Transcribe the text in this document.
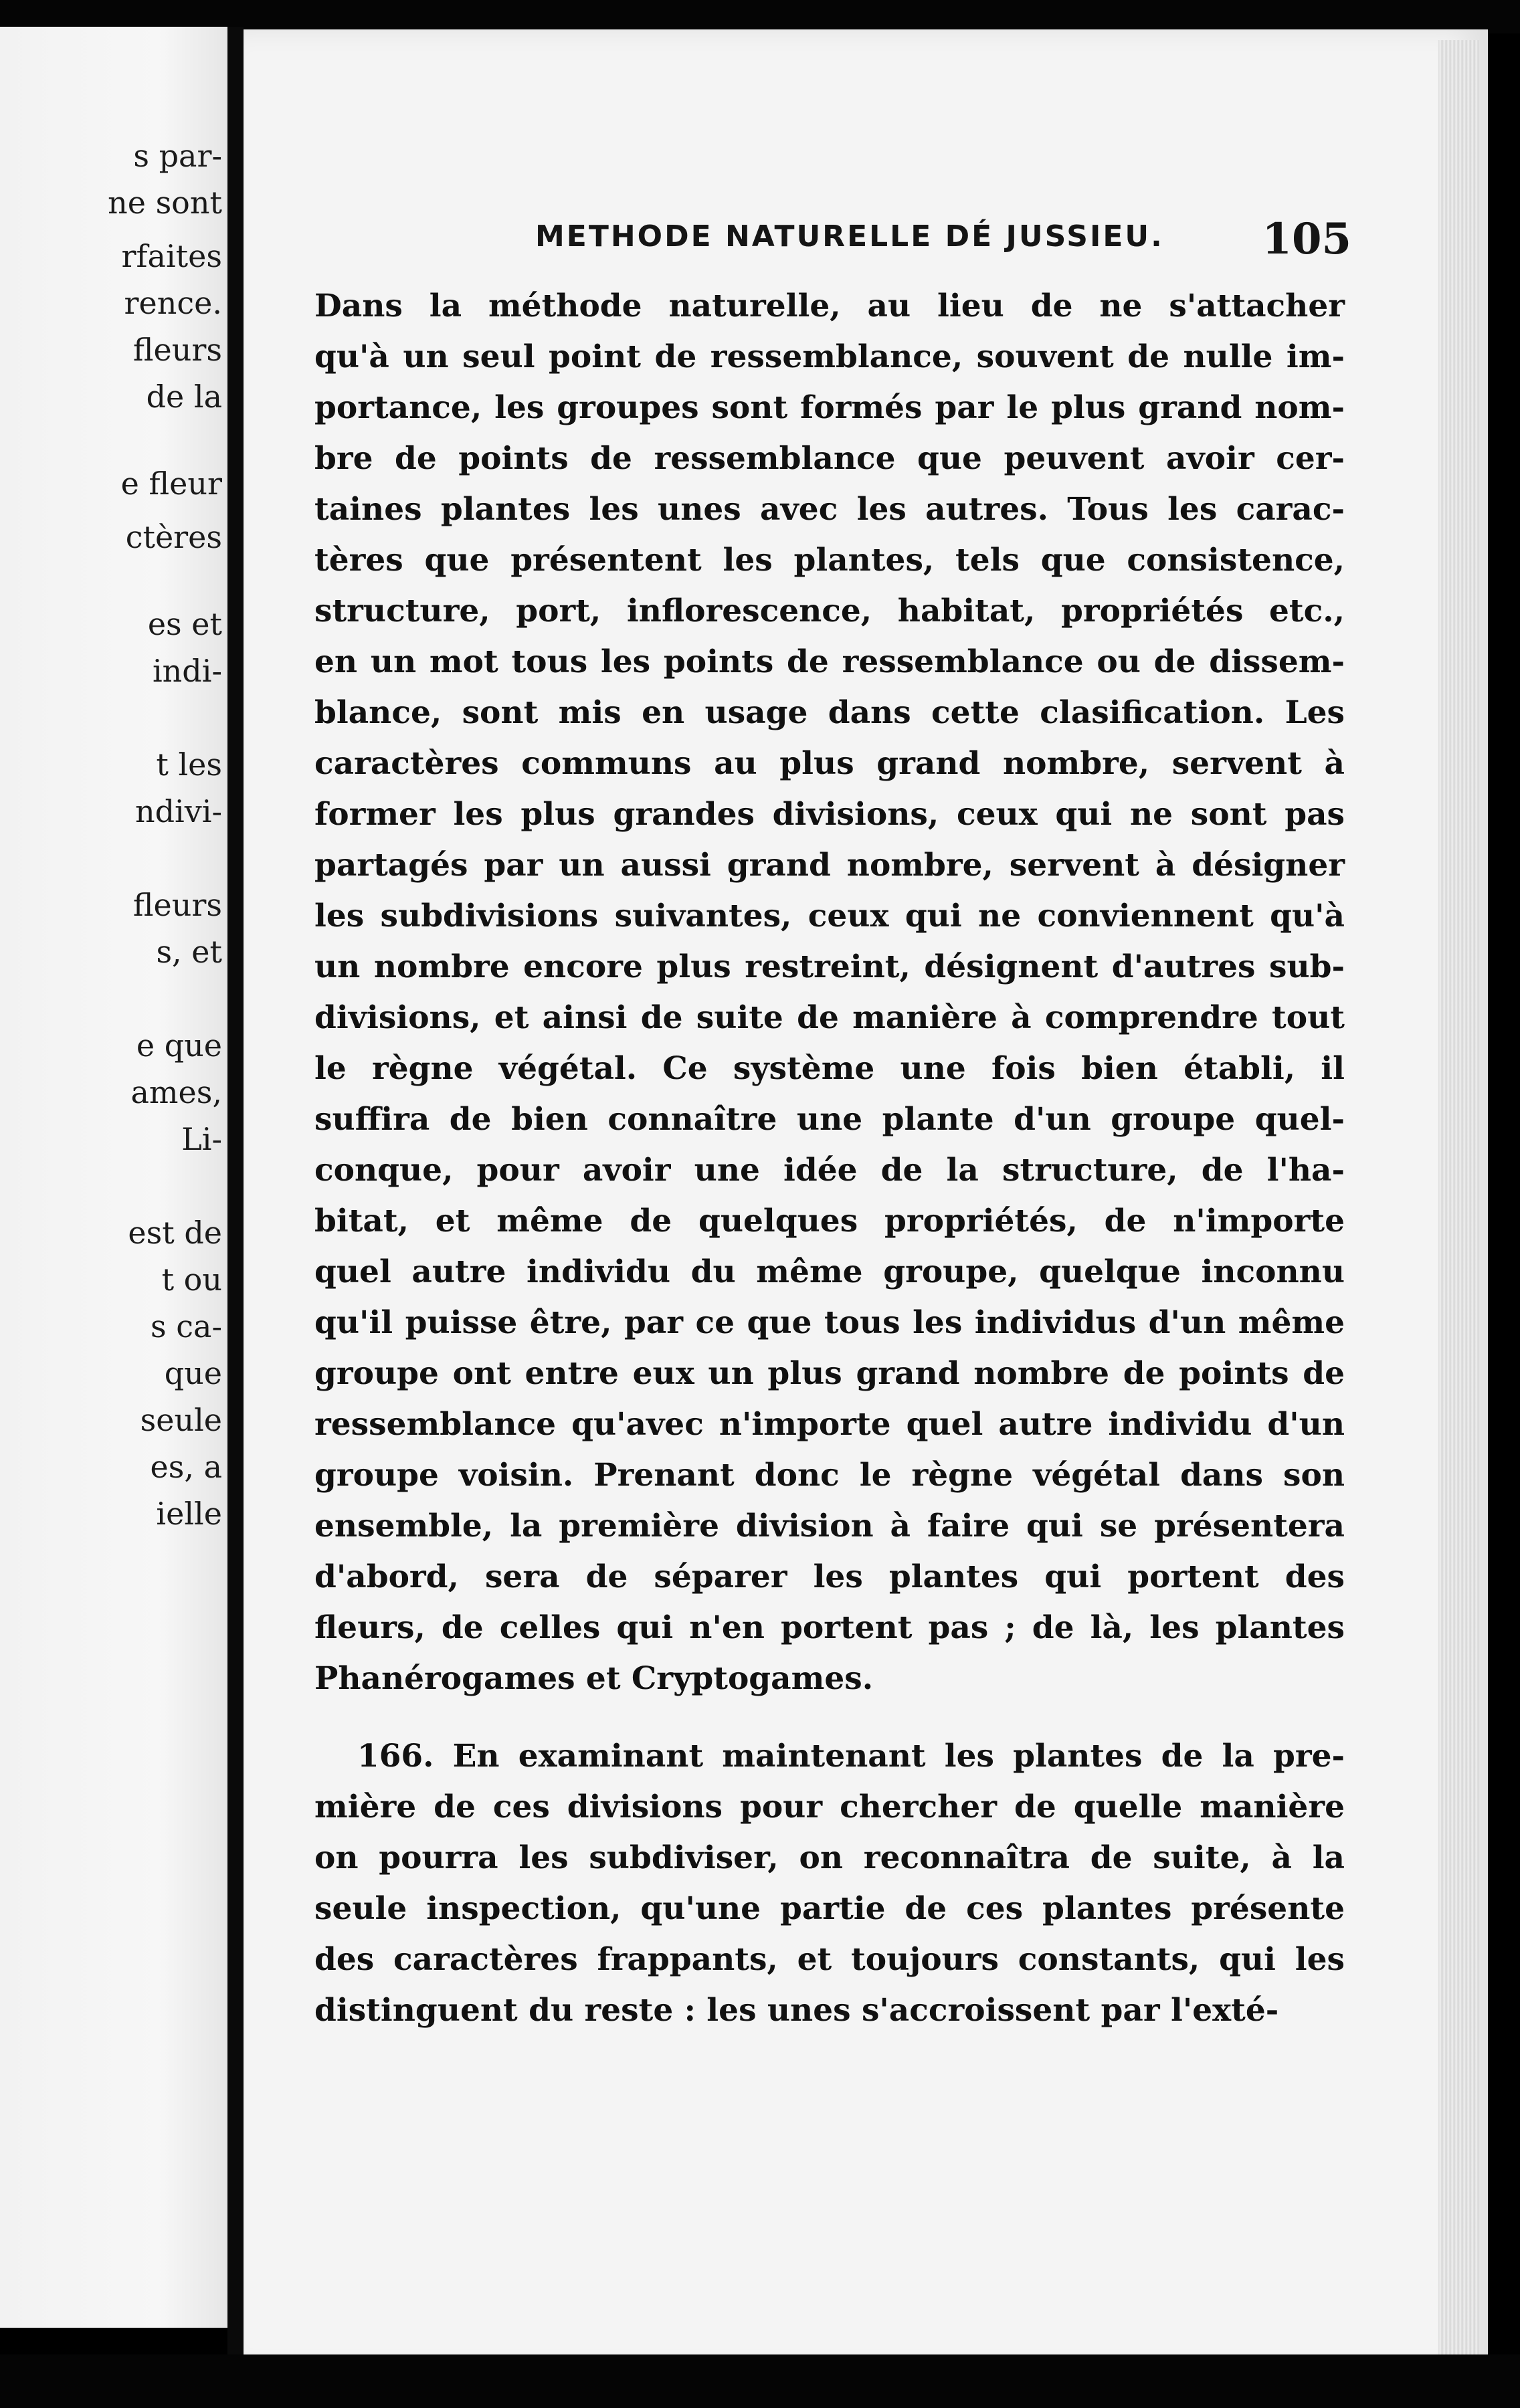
s par-
ne sont
rfaites
rence.
fleurs
de la
e fleur
ctères
es et
indi-
t les
ndivi-
fleurs
s, et
e que
ames,
Li-
est de
t ou
s ca-
que
seule
es, a
ielle
METHODE NATURELLE DÉ JUSSIEU. 105
Dans la méthode naturelle, au lieu de ne s'attacher
qu'à un seul point de ressemblance, souvent de nulle im-
portance, les groupes sont formés par le plus grand nom-
bre de points de ressemblance que peuvent avoir cer-
taines plantes les unes avec les autres. Tous les carac-
tères que présentent les plantes, tels que consistence,
structure, port, inflorescence, habitat, propriétés etc.,
en un mot tous les points de ressemblance ou de dissem-
blance, sont mis en usage dans cette clasification. Les
caractères communs au plus grand nombre, servent à
former les plus grandes divisions, ceux qui ne sont pas
partagés par un aussi grand nombre, servent à désigner
les subdivisions suivantes, ceux qui ne conviennent qu'à
un nombre encore plus restreint, désignent d'autres sub-
divisions, et ainsi de suite de manière à comprendre tout
le règne végétal. Ce système une fois bien établi, il
suffira de bien connaître une plante d'un groupe quel-
conque, pour avoir une idée de la structure, de l'ha-
bitat, et même de quelques propriétés, de n'importe
quel autre individu du même groupe, quelque inconnu
qu'il puisse être, par ce que tous les individus d'un même
groupe ont entre eux un plus grand nombre de points de
ressemblance qu'avec n'importe quel autre individu d'un
groupe voisin. Prenant donc le règne végétal dans son
ensemble, la première division à faire qui se présentera
d'abord, sera de séparer les plantes qui portent des
fleurs, de celles qui n'en portent pas ; de là, les plantes
Phanérogames et Cryptogames.
166. En examinant maintenant les plantes de la pre-
mière de ces divisions pour chercher de quelle manière
on pourra les subdiviser, on reconnaîtra de suite, à la
seule inspection, qu'une partie de ces plantes présente
des caractères frappants, et toujours constants, qui les
distinguent du reste : les unes s'accroissent par l'exté-
